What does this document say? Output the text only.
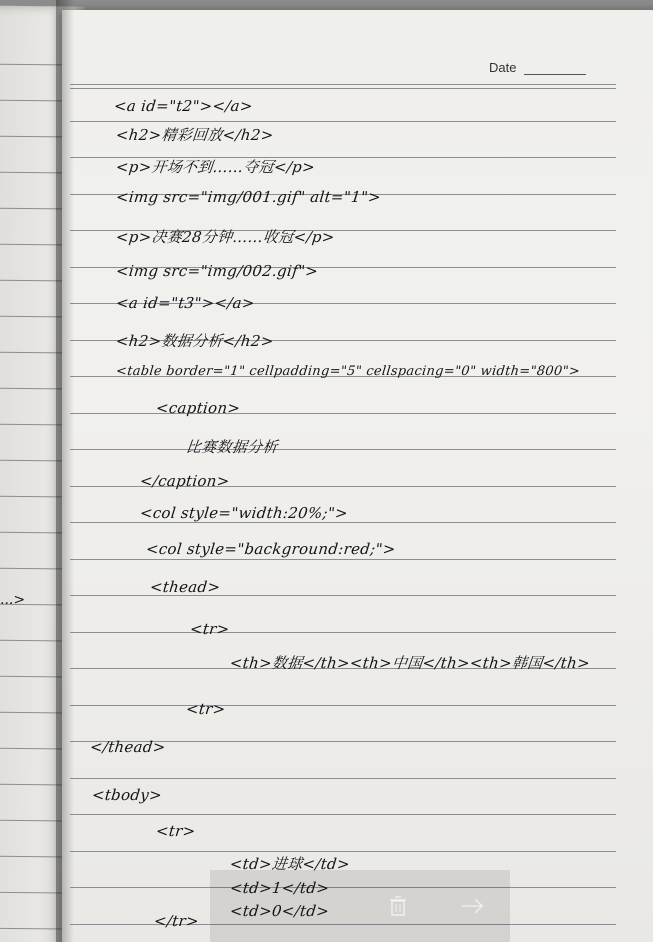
Date
...>
<a id="t2"></a>
<h2>精彩回放</h2>
<p>开场不到……夺冠</p>
<img src="img/001.gif" alt="1">
<p>决赛28分钟……收冠</p>
<img src="img/002.gif">
<a id="t3"></a>
<h2>数据分析</h2>
<table border="1" cellpadding="5" cellspacing="0" width="800">
<caption>
比赛数据分析
</caption>
<col style="width:20%;">
<col style="background:red;">
<thead>
<tr>
<th>数据</th><th>中国</th><th>韩国</th>
<tr>
</thead>
<tbody>
<tr>
<td>进球</td>
<td>1</td>
<td>0</td>
</tr>
